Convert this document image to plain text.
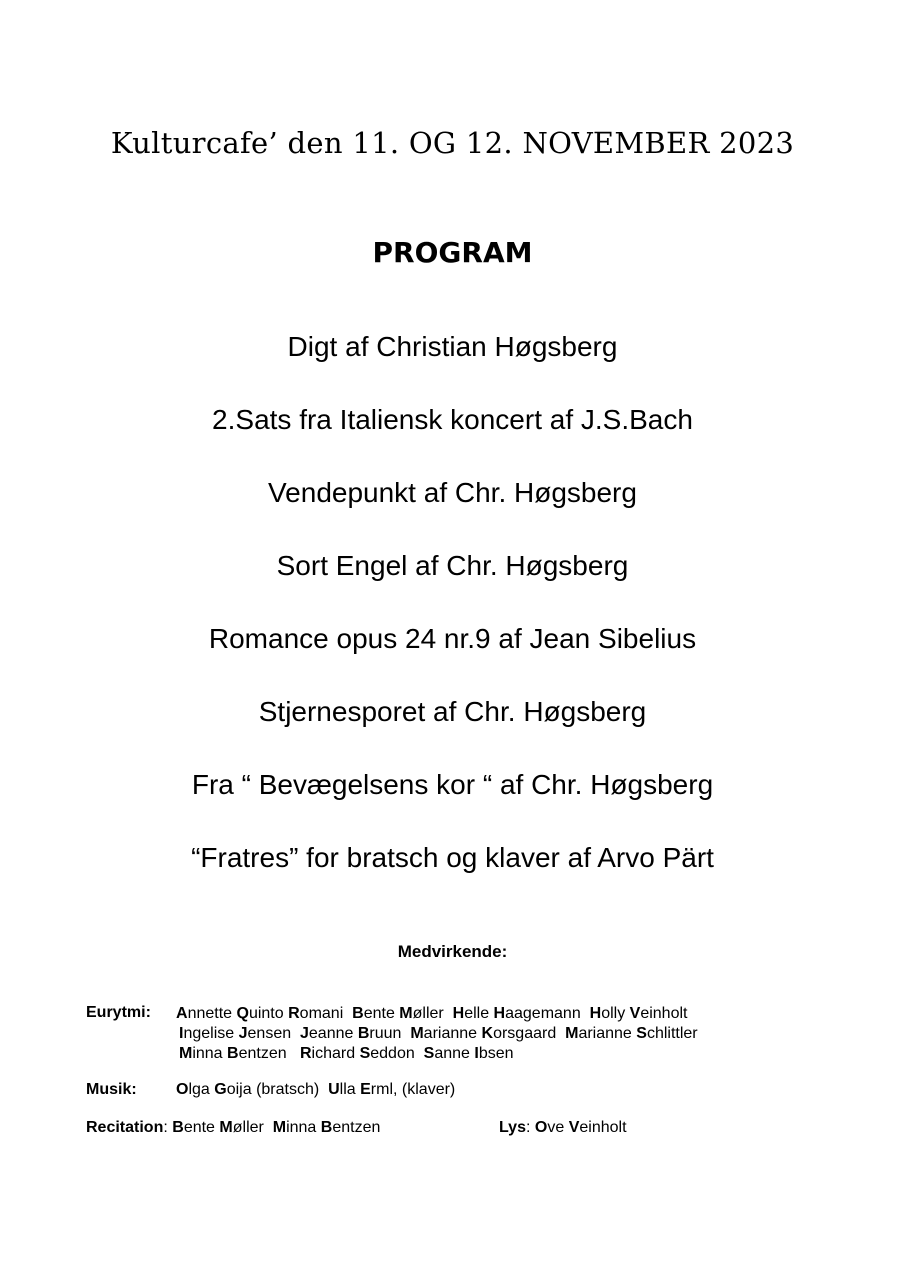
Kulturcafe’ den 11. OG 12. NOVEMBER 2023
PROGRAM
Digt af Christian Høgsberg
2.Sats fra Italiensk koncert af J.S.Bach
Vendepunkt af Chr. Høgsberg
Sort Engel af Chr. Høgsberg
Romance opus 24 nr.9 af Jean Sibelius
Stjernesporet af Chr. Høgsberg
Fra “ Bevægelsens kor “ af Chr. Høgsberg
“Fratres” for bratsch og klaver af Arvo Pärt
Medvirkende:
Eurytmi: Annette Quinto Romani Bente Møller Helle Haagemann Holly Veinholt
Ingelise Jensen Jeanne Bruun Marianne Korsgaard Marianne Schlittler
Minna Bentzen Richard Seddon Sanne Ibsen
Musik: Olga Goija (bratsch) Ulla Erml, (klaver)
Recitation: Bente Møller Minna Bentzen	Lys: Ove Veinholt
